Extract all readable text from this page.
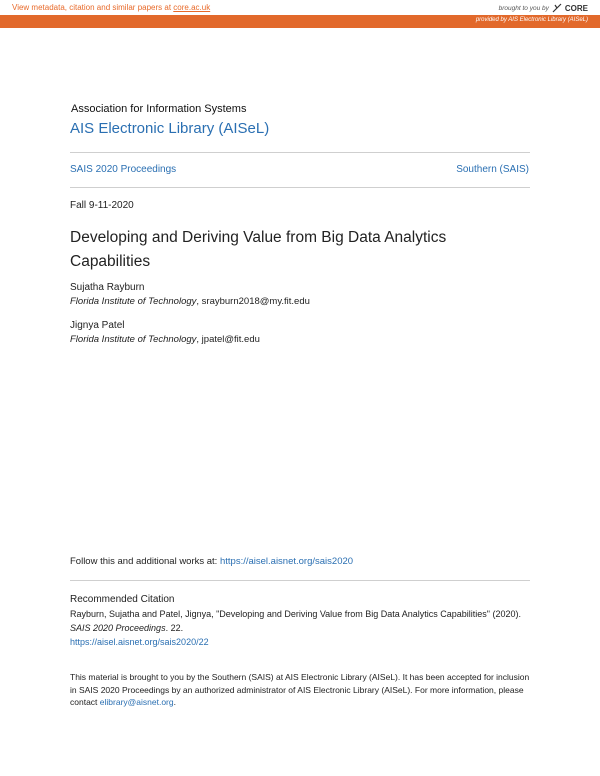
View metadata, citation and similar papers at core.ac.uk	brought to you by CORE
provided by AIS Electronic Library (AISeL)
Association for Information Systems
AIS Electronic Library (AISeL)
SAIS 2020 Proceedings	Southern (SAIS)
Fall 9-11-2020
Developing and Deriving Value from Big Data Analytics Capabilities
Sujatha Rayburn
Florida Institute of Technology, srayburn2018@my.fit.edu
Jignya Patel
Florida Institute of Technology, jpatel@fit.edu
Follow this and additional works at: https://aisel.aisnet.org/sais2020
Recommended Citation
Rayburn, Sujatha and Patel, Jignya, "Developing and Deriving Value from Big Data Analytics Capabilities" (2020). SAIS 2020 Proceedings. 22.
https://aisel.aisnet.org/sais2020/22
This material is brought to you by the Southern (SAIS) at AIS Electronic Library (AISeL). It has been accepted for inclusion in SAIS 2020 Proceedings by an authorized administrator of AIS Electronic Library (AISeL). For more information, please contact elibrary@aisnet.org.
